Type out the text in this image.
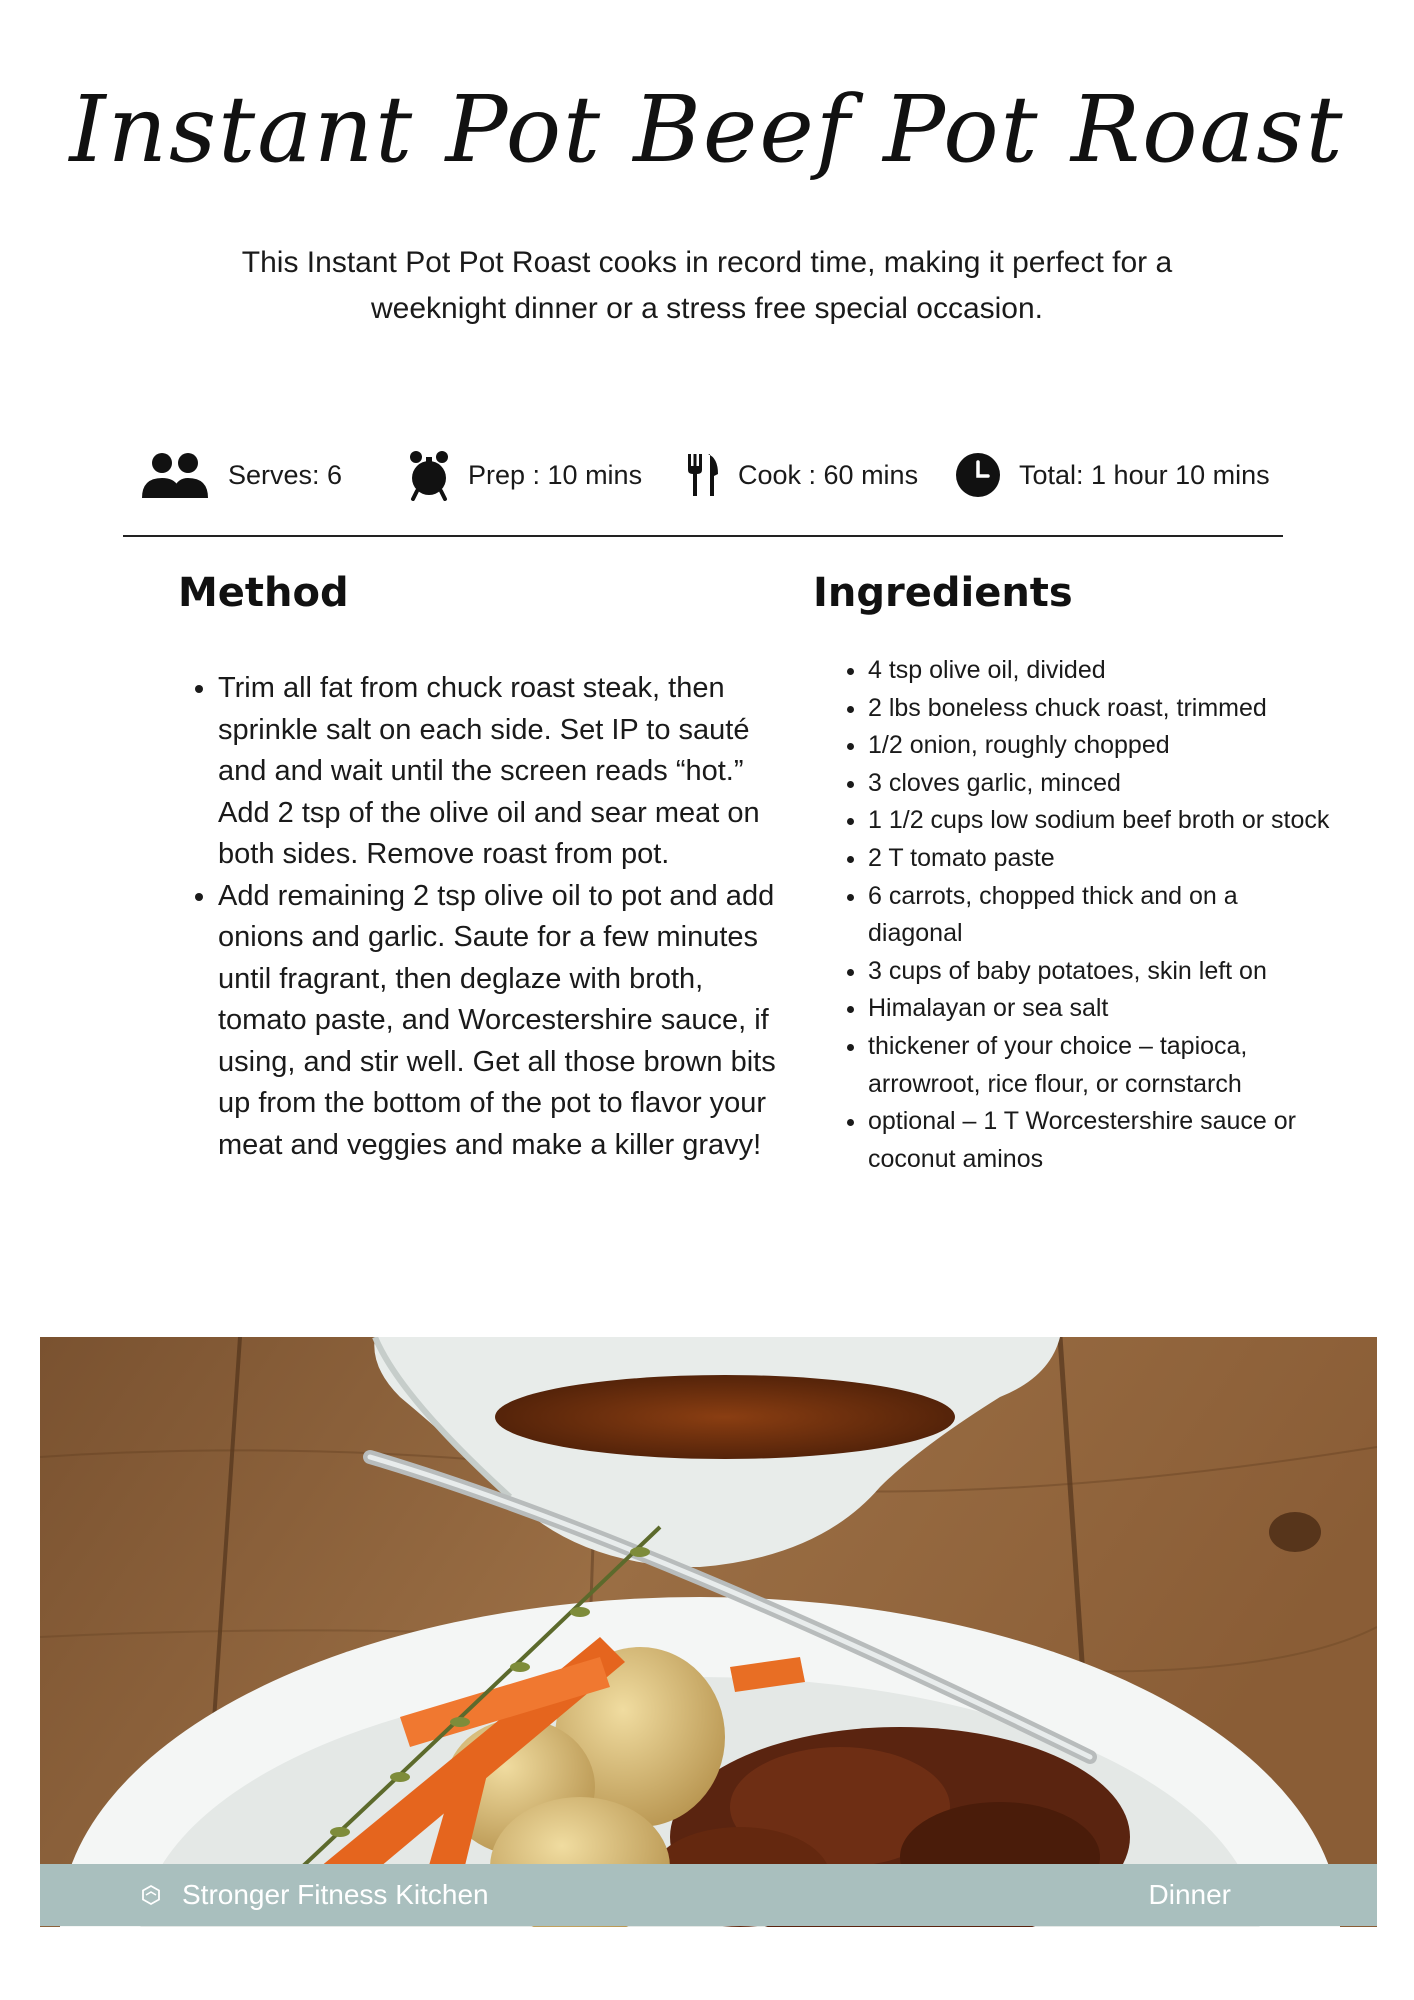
Instant Pot Beef Pot Roast

This Instant Pot Pot Roast cooks in record time, making it perfect for a weeknight dinner or a stress free special occasion.

Serves: 6	Prep : 10 mins	Cook : 60 mins	Total: 1 hour 10 mins
Method
• Trim all fat from chuck roast steak, then sprinkle salt on each side. Set IP to sauté and and wait until the screen reads “hot.” Add 2 tsp of the olive oil and sear meat on both sides. Remove roast from pot.
• Add remaining 2 tsp olive oil to pot and add onions and garlic. Saute for a few minutes until fragrant, then deglaze with broth, tomato paste, and Worcestershire sauce, if using, and stir well. Get all those brown bits up from the bottom of the pot to flavor your meat and veggies and make a killer gravy!
Ingredients
• 4 tsp olive oil, divided
• 2 lbs boneless chuck roast, trimmed
• 1/2 onion, roughly chopped
• 3 cloves garlic, minced
• 1 1/2 cups low sodium beef broth or stock
• 2 T tomato paste
• 6 carrots, chopped thick and on a diagonal
• 3 cups of baby potatoes, skin left on
• Himalayan or sea salt
• thickener of your choice – tapioca, arrowroot, rice flour, or cornstarch
• optional – 1 T Worcestershire sauce or coconut aminos
Stronger Fitness Kitchen	Dinner
